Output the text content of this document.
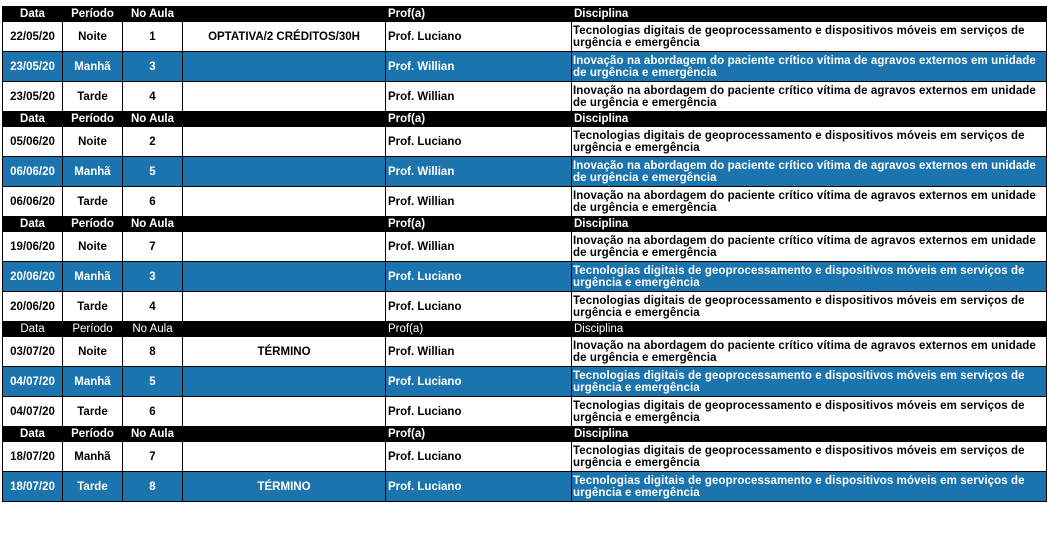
Data	Período	No Aula		Prof(a)	Disciplina
22/05/20	Noite	1	OPTATIVA/2 CRÉDITOS/30H	Prof. Luciano	Tecnologias digitais de geoprocessamento e dispositivos móveis em serviços de urgência e emergência
23/05/20	Manhã	3		Prof. Willian	Inovação na abordagem do paciente crítico vítima de agravos externos em unidade de urgência e emergência
23/05/20	Tarde	4		Prof. Willian	Inovação na abordagem do paciente crítico vítima de agravos externos em unidade de urgência e emergência
Data	Período	No Aula		Prof(a)	Disciplina
05/06/20	Noite	2		Prof. Luciano	Tecnologias digitais de geoprocessamento e dispositivos móveis em serviços de urgência e emergência
06/06/20	Manhã	5		Prof. Willian	Inovação na abordagem do paciente crítico vítima de agravos externos em unidade de urgência e emergência
06/06/20	Tarde	6		Prof. Willian	Inovação na abordagem do paciente crítico vítima de agravos externos em unidade de urgência e emergência
Data	Período	No Aula		Prof(a)	Disciplina
19/06/20	Noite	7		Prof. Willian	Inovação na abordagem do paciente crítico vítima de agravos externos em unidade de urgência e emergência
20/06/20	Manhã	3		Prof. Luciano	Tecnologias digitais de geoprocessamento e dispositivos móveis em serviços de urgência e emergência
20/06/20	Tarde	4		Prof. Luciano	Tecnologias digitais de geoprocessamento e dispositivos móveis em serviços de urgência e emergência
Data	Período	No Aula		Prof(a)	Disciplina
03/07/20	Noite	8	TÉRMINO	Prof. Willian	Inovação na abordagem do paciente crítico vítima de agravos externos em unidade de urgência e emergência
04/07/20	Manhã	5		Prof. Luciano	Tecnologias digitais de geoprocessamento e dispositivos móveis em serviços de urgência e emergência
04/07/20	Tarde	6		Prof. Luciano	Tecnologias digitais de geoprocessamento e dispositivos móveis em serviços de urgência e emergência
Data	Período	No Aula		Prof(a)	Disciplina
18/07/20	Manhã	7		Prof. Luciano	Tecnologias digitais de geoprocessamento e dispositivos móveis em serviços de urgência e emergência
18/07/20	Tarde	8	TÉRMINO	Prof. Luciano	Tecnologias digitais de geoprocessamento e dispositivos móveis em serviços de urgência e emergência
